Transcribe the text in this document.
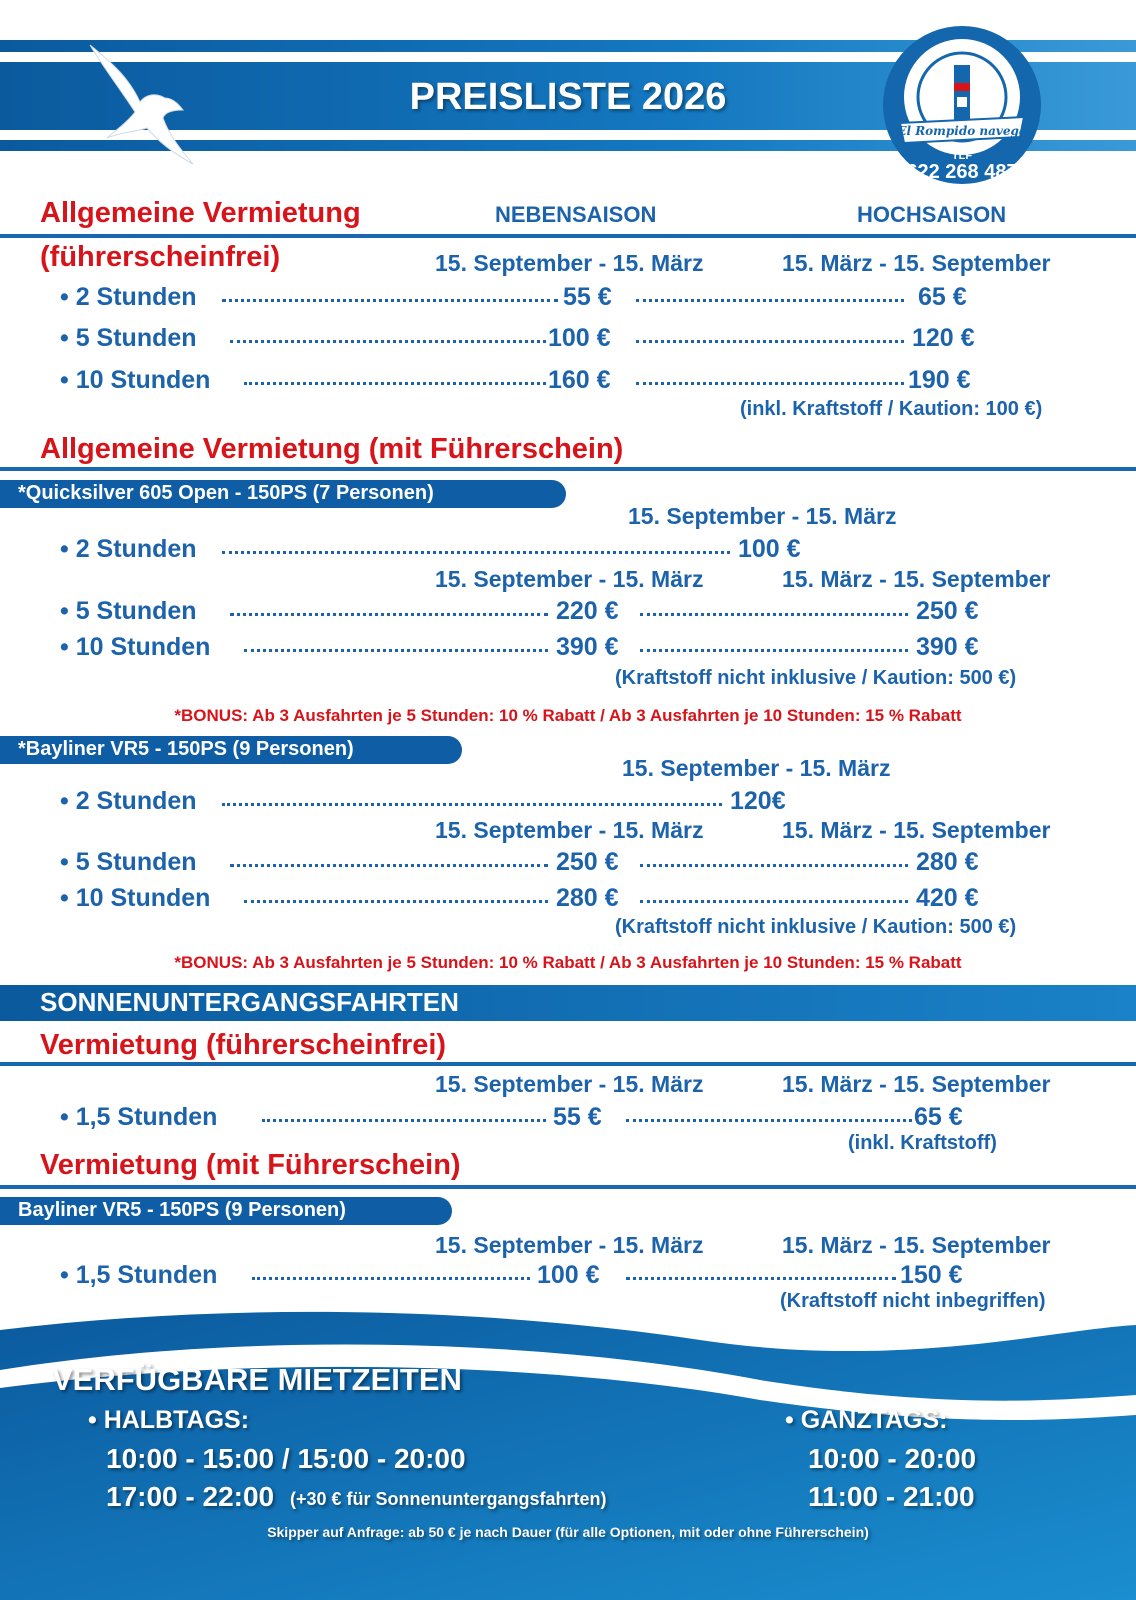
PREISLISTE 2026
El Rompido navega
TLF
622 268 487
Allgemeine Vermietung	NEBENSAISON	HOCHSAISON
(führerscheinfrei)	15. September - 15. März	15. März - 15. September
• 2 Stunden	55 €	65 €
• 5 Stunden	100 €	120 €
• 10 Stunden	160 €	190 €
(inkl. Kraftstoff / Kaution: 100 €)
Allgemeine Vermietung (mit Führerschein)
*Quicksilver 605 Open - 150PS (7 Personen)
15. September - 15. März
• 2 Stunden	100 €
15. September - 15. März	15. März - 15. September
• 5 Stunden	220 €	250 €
• 10 Stunden	390 €	390 €
(Kraftstoff nicht inklusive / Kaution: 500 €)
*BONUS: Ab 3 Ausfahrten je 5 Stunden: 10 % Rabatt / Ab 3 Ausfahrten je 10 Stunden: 15 % Rabatt
*Bayliner VR5 - 150PS (9 Personen)
15. September - 15. März
• 2 Stunden	120€
15. September - 15. März	15. März - 15. September
• 5 Stunden	250 €	280 €
• 10 Stunden	280 €	420 €
(Kraftstoff nicht inklusive / Kaution: 500 €)
*BONUS: Ab 3 Ausfahrten je 5 Stunden: 10 % Rabatt / Ab 3 Ausfahrten je 10 Stunden: 15 % Rabatt
SONNENUNTERGANGSFAHRTEN
Vermietung (führerscheinfrei)
15. September - 15. März	15. März - 15. September
• 1,5 Stunden	55 €	65 €
(inkl. Kraftstoff)
Vermietung (mit Führerschein)
Bayliner VR5 - 150PS (9 Personen)
15. September - 15. März	15. März - 15. September
• 1,5 Stunden	100 €	150 €
(Kraftstoff nicht inbegriffen)
VERFÜGBARE MIETZEITEN
• HALBTAGS:
10:00 - 15:00 / 15:00 - 20:00
17:00 - 22:00 (+30 € für Sonnenuntergangsfahrten)
• GANZTAGS:
10:00 - 20:00
11:00 - 21:00
Skipper auf Anfrage: ab 50 € je nach Dauer (für alle Optionen, mit oder ohne Führerschein)
